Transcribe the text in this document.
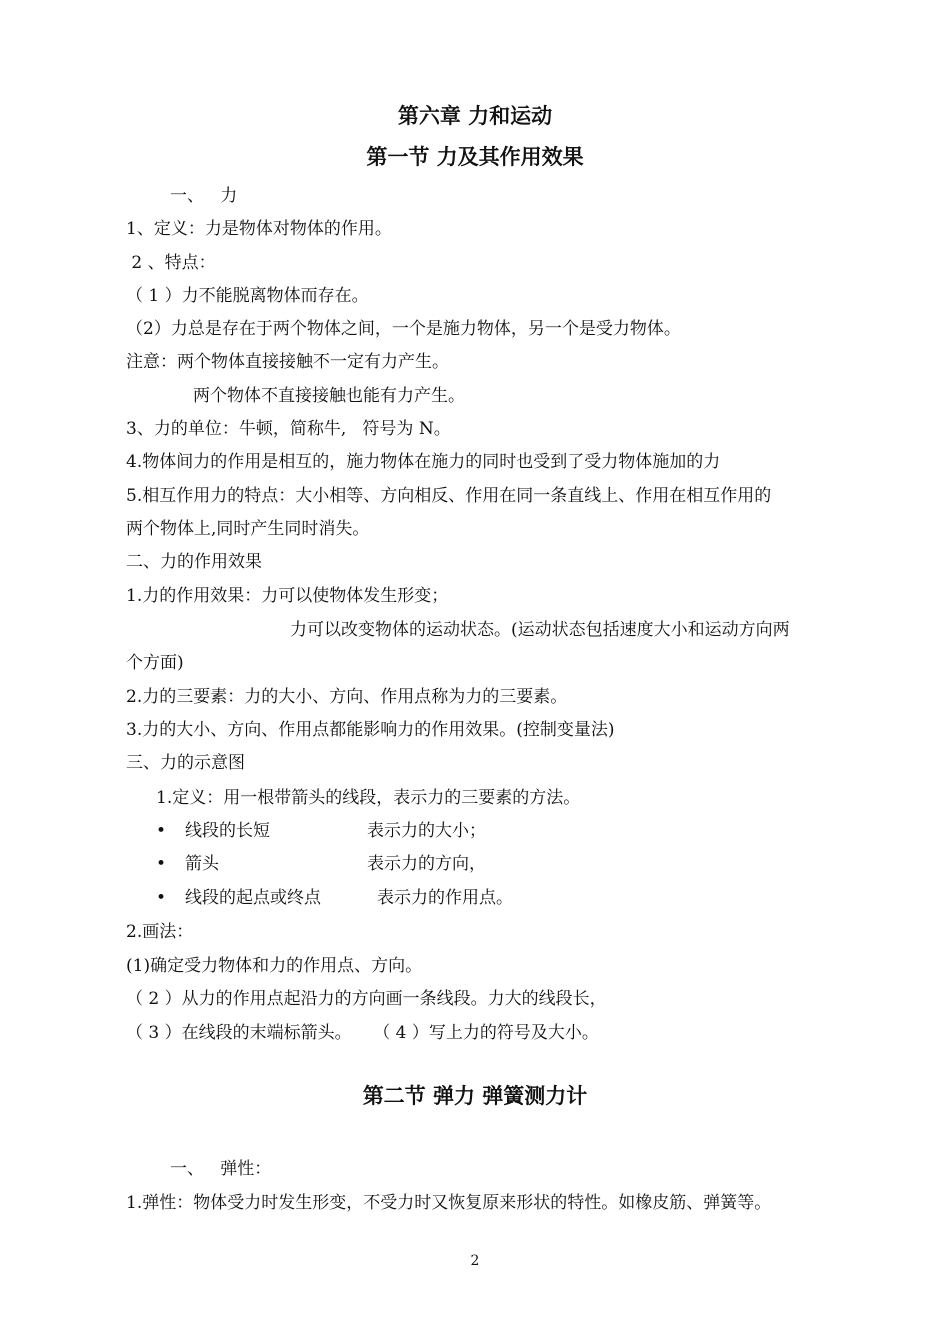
第六章 力和运动
第一节 力及其作用效果
一、   力
1、定义：力是物体对物体的作用。
2 、特点：
（ 1 ）力不能脱离物体而存在。
（2）力总是存在于两个物体之间，一个是施力物体，另一个是受力物体。
注意：两个物体直接接触不一定有力产生。
两个物体不直接接触也能有力产生。
3、力的单位：牛顿，简称牛,   符号为 N。
4.物体间力的作用是相互的，施力物体在施力的同时也受到了受力物体施加的力
5.相互作用力的特点：大小相等、方向相反、作用在同一条直线上、作用在相互作用的
两个物体上,同时产生同时消失。
二、力的作用效果
1.力的作用效果：力可以使物体发生形变；
力可以改变物体的运动状态。(运动状态包括速度大小和运动方向两
个方面)
2.力的三要素：力的大小、方向、作用点称为力的三要素。
3.力的大小、方向、作用点都能影响力的作用效果。(控制变量法)
三、力的示意图
1.定义：用一根带箭头的线段，表示力的三要素的方法。
• 线段的长短	表示力的大小；
• 箭头	表示力的方向，
• 线段的起点或终点	表示力的作用点。
2.画法：
(1)确定受力物体和力的作用点、方向。
（ 2 ）从力的作用点起沿力的方向画一条线段。力大的线段长，
（ 3 ）在线段的末端标箭头。    （ 4 ）写上力的符号及大小。
第二节 弹力 弹簧测力计
一、   弹性：
1.弹性：物体受力时发生形变，不受力时又恢复原来形状的特性。如橡皮筋、弹簧等。
2
